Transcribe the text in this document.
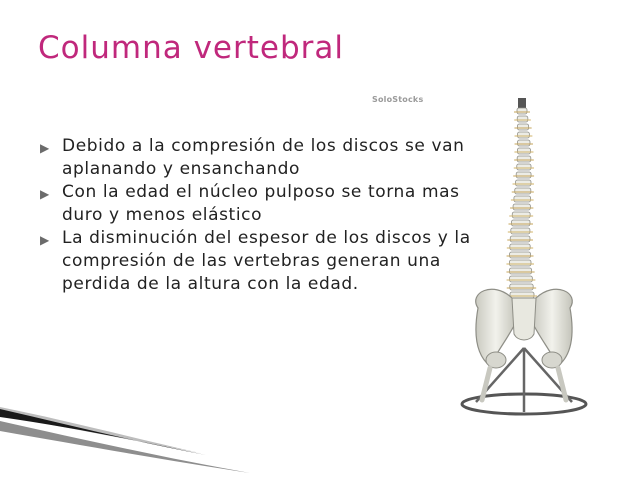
Columna vertebral
▶ Debido a la compresión de los discos se van aplanando y ensanchando
▶ Con la edad el núcleo pulposo se torna mas duro y menos elástico
▶ La disminución del espesor de los discos y la compresión de las vertebras generan una perdida de la altura con la edad.
SoloStocks
